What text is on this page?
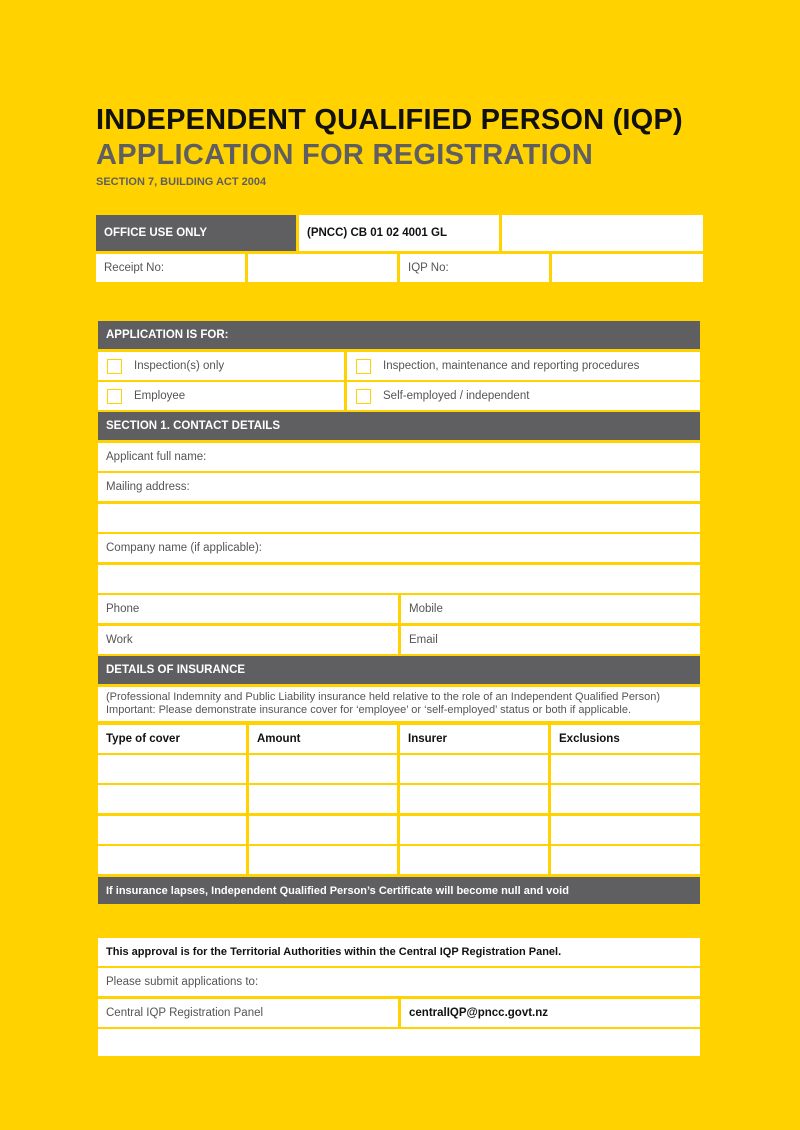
INDEPENDENT QUALIFIED PERSON (IQP)
APPLICATION FOR REGISTRATION
SECTION 7, BUILDING ACT 2004
OFFICE USE ONLY	(PNCC) CB 01 02 4001 GL
Receipt No:	IQP No:
APPLICATION IS FOR:
Inspection(s) only	Inspection, maintenance and reporting procedures
Employee	Self-employed / independent
SECTION 1. CONTACT DETAILS
Applicant full name:
Mailing address:
Company name (if applicable):
Phone	Mobile
Work	Email
DETAILS OF INSURANCE
(Professional Indemnity and Public Liability insurance held relative to the role of an Independent Qualified Person)
Important: Please demonstrate insurance cover for ‘employee’ or ‘self-employed’ status or both if applicable.
Type of cover	Amount	Insurer	Exclusions
If insurance lapses, Independent Qualified Person’s Certificate will become null and void
This approval is for the Territorial Authorities within the Central IQP Registration Panel.
Please submit applications to:
Central IQP Registration Panel	centralIQP@pncc.govt.nz
